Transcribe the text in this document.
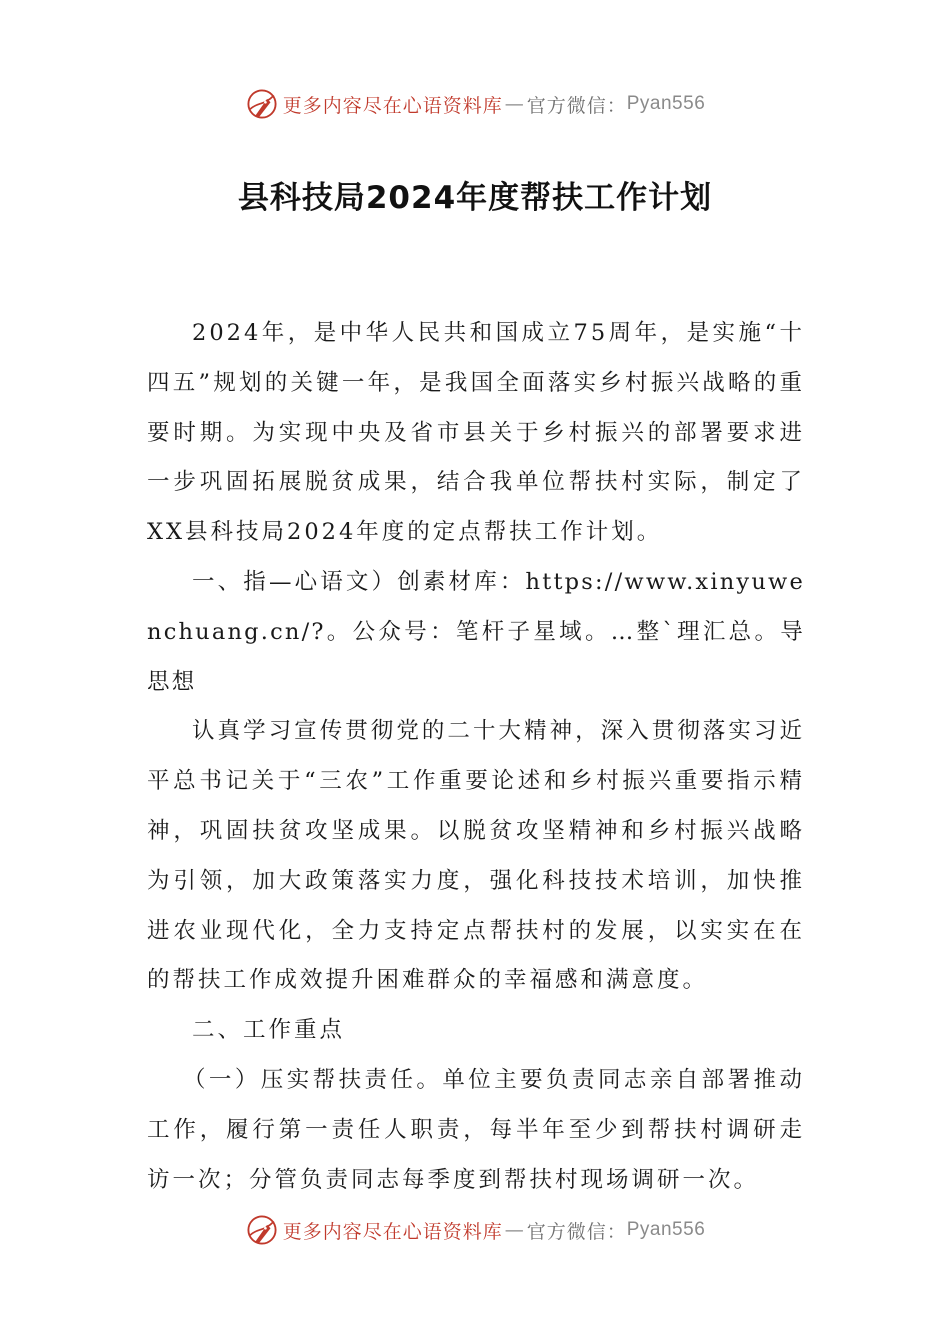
更多内容尽在心语资料库 — 官方微信： Pyan556
县科技局2024年度帮扶工作计划

2024年，是中华人民共和国成立75周年，是实施“十四五”规划的关键一年，是我国全面落实乡村振兴战略的重要时期。为实现中央及省市县关于乡村振兴的部署要求进一步巩固拓展脱贫成果，结合我单位帮扶村实际，制定了XX县科技局2024年度的定点帮扶工作计划。

一、指—心语文）创素材库：https://www.xinyuwenchuang.cn/?。公众号：笔杆子星域。…整`理汇总。导思想

认真学习宣传贯彻党的二十大精神，深入贯彻落实习近平总书记关于“三农”工作重要论述和乡村振兴重要指示精神，巩固扶贫攻坚成果。以脱贫攻坚精神和乡村振兴战略为引领，加大政策落实力度，强化科技技术培训，加快推进农业现代化，全力支持定点帮扶村的发展，以实实在在的帮扶工作成效提升困难群众的幸福感和满意度。

二、工作重点

（一）压实帮扶责任。单位主要负责同志亲自部署推动工作，履行第一责任人职责，每半年至少到帮扶村调研走访一次；分管负责同志每季度到帮扶村现场调研一次。

更多内容尽在心语资料库 — 官方微信： Pyan556
